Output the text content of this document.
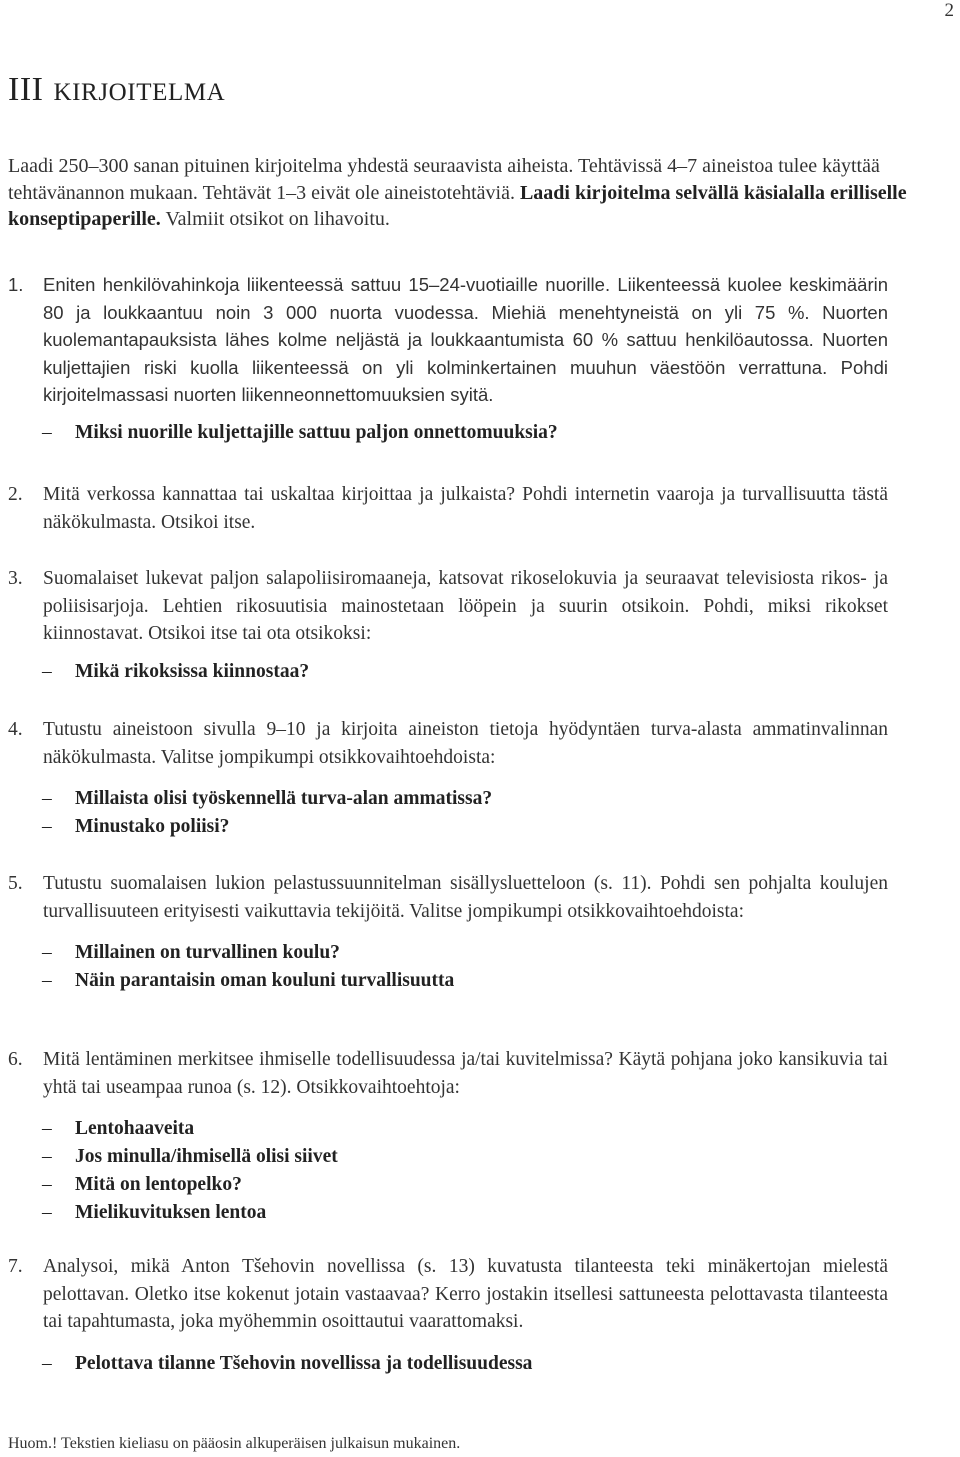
2
III KIRJOITELMA

Laadi 250–300 sanan pituinen kirjoitelma yhdestä seuraavista aiheista. Tehtävissä 4–7 aineistoa tulee käyttää tehtävänannon mukaan. Tehtävät 1–3 eivät ole aineistotehtäviä. Laadi kirjoitelma selvällä käsialalla erilliselle konseptipaperille. Valmiit otsikot on lihavoitu.

1.	Eniten henkilövahinkoja liikenteessä sattuu 15–24-vuotiaille nuorille. Liikenteessä kuolee keskimäärin 80 ja loukkaantuu noin 3 000 nuorta vuodessa. Miehiä menehtyneistä on yli 75 %. Nuorten kuolemantapauksista lähes kolme neljästä ja loukkaantumista 60 % sattuu henkilöautossa. Nuorten kuljettajien riski kuolla liikenteessä on yli kolminkertainen muuhun väestöön verrattuna. Pohdi kirjoitelmassasi nuorten liikenneonnettomuuksien syitä.

– Miksi nuorille kuljettajille sattuu paljon onnettomuuksia?
2.	Mitä verkossa kannattaa tai uskaltaa kirjoittaa ja julkaista? Pohdi internetin vaaroja ja turvallisuutta tästä näkökulmasta. Otsikoi itse.

3.	Suomalaiset lukevat paljon salapoliisiromaaneja, katsovat rikoselokuvia ja seuraavat televisiosta rikos- ja poliisisarjoja. Lehtien rikosuutisia mainostetaan lööpein ja suurin otsikoin. Pohdi, miksi rikokset kiinnostavat. Otsikoi itse tai ota otsikoksi:

– Mikä rikoksissa kiinnostaa?
4.	Tutustu aineistoon sivulla 9–10 ja kirjoita aineiston tietoja hyödyntäen turva-alasta ammatinvalinnan näkökulmasta. Valitse jompikumpi otsikkovaihtoehdoista:

– Millaista olisi työskennellä turva-alan ammatissa?
– Minustako poliisi?
5.	Tutustu suomalaisen lukion pelastussuunnitelman sisällysluetteloon (s. 11). Pohdi sen pohjalta koulujen turvallisuuteen erityisesti vaikuttavia tekijöitä. Valitse jompikumpi otsikkovaihtoehdoista:

– Millainen on turvallinen koulu?
– Näin parantaisin oman kouluni turvallisuutta
6.	Mitä lentäminen merkitsee ihmiselle todellisuudessa ja/tai kuvitelmissa? Käytä pohjana joko kansikuvia tai yhtä tai useampaa runoa (s. 12). Otsikkovaihtoehtoja:

– Lentohaaveita
– Jos minulla/ihmisellä olisi siivet
– Mitä on lentopelko?
– Mielikuvituksen lentoa
7.	Analysoi, mikä Anton Tšehovin novellissa (s. 13) kuvatusta tilanteesta teki minäkertojan mielestä pelottavan. Oletko itse kokenut jotain vastaavaa? Kerro jostakin itsellesi sattuneesta pelottavasta tilanteesta tai tapahtumasta, joka myöhemmin osoittautui vaarattomaksi.

– Pelottava tilanne Tšehovin novellissa ja todellisuudessa
Huom.! Tekstien kieliasu on pääosin alkuperäisen julkaisun mukainen.
